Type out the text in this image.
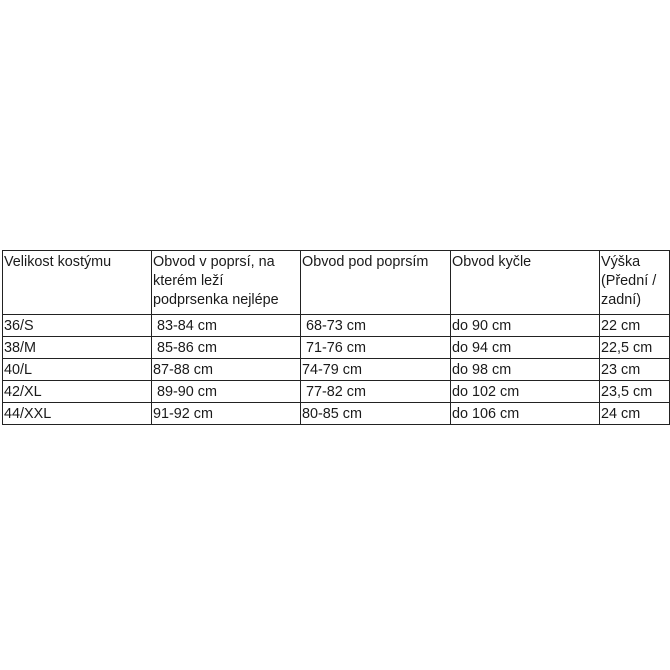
Velikost kostýmu	Obvod v poprsí, na kterém leží podprsenka nejlépe	Obvod pod poprsím	Obvod kyčle	Výška (Přední / zadní)
36/S	83-84 cm	68-73 cm	do 90 cm	22 cm
38/M	85-86 cm	71-76 cm	do 94 cm	22,5 cm
40/L	87-88 cm	74-79 cm	do 98 cm	23 cm
42/XL	89-90 cm	77-82 cm	do 102 cm	23,5 cm
44/XXL	91-92 cm	80-85 cm	do 106 cm	24 cm
